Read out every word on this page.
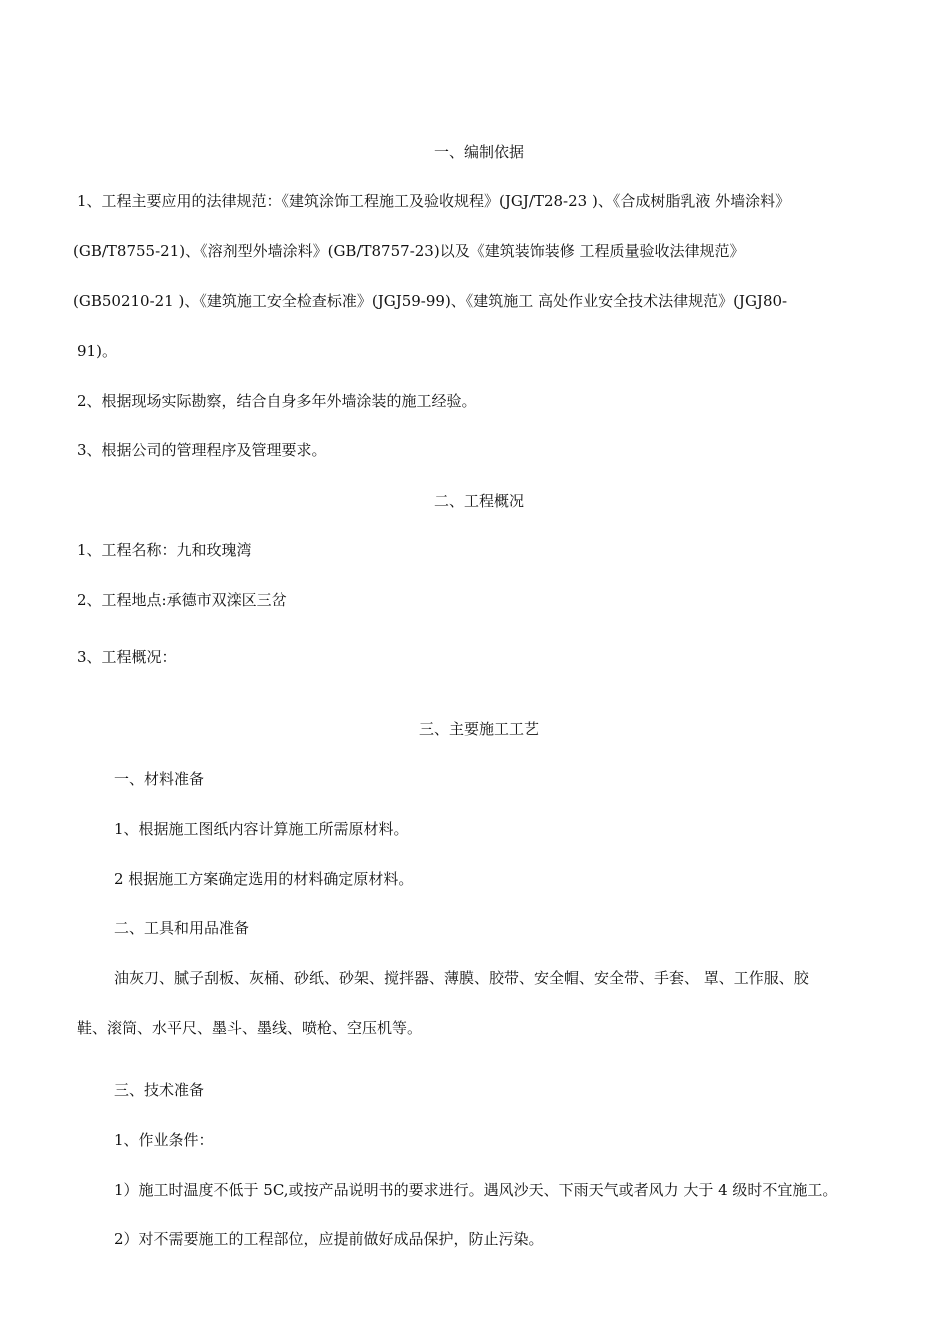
一、编制依据
1、工程主要应用的法律规范：《建筑涂饰工程施工及验收规程》(JGJ/T28-23 )、《合成树脂乳液 外墙涂料》
(GB/T8755-21)、《溶剂型外墙涂料》(GB/T8757-23)以及《建筑装饰装修 工程质量验收法律规范》
(GB50210-21 )、《建筑施工安全检查标准》(JGJ59-99)、《建筑施工 高处作业安全技术法律规范》(JGJ80-
91)。
2、根据现场实际勘察，结合自身多年外墙涂装的施工经验。
3、根据公司的管理程序及管理要求。
二、工程概况
1、工程名称：九和玫瑰湾
2、工程地点:承德市双滦区三岔
3、工程概况：
三、主要施工工艺
一、材料准备
1、根据施工图纸内容计算施工所需原材料。
2 根据施工方案确定选用的材料确定原材料。
二、工具和用品准备
油灰刀、腻子刮板、灰桶、砂纸、砂架、搅拌器、薄膜、胶带、安全帽、安全带、手套、 罩、工作服、胶
鞋、滚筒、水平尺、墨斗、墨线、喷枪、空压机等。
三、技术准备
1、作业条件：
1）施工时温度不低于 5C,或按产品说明书的要求进行。遇风沙天、下雨天气或者风力 大于 4 级时不宜施工。
2）对不需要施工的工程部位，应提前做好成品保护，防止污染。
